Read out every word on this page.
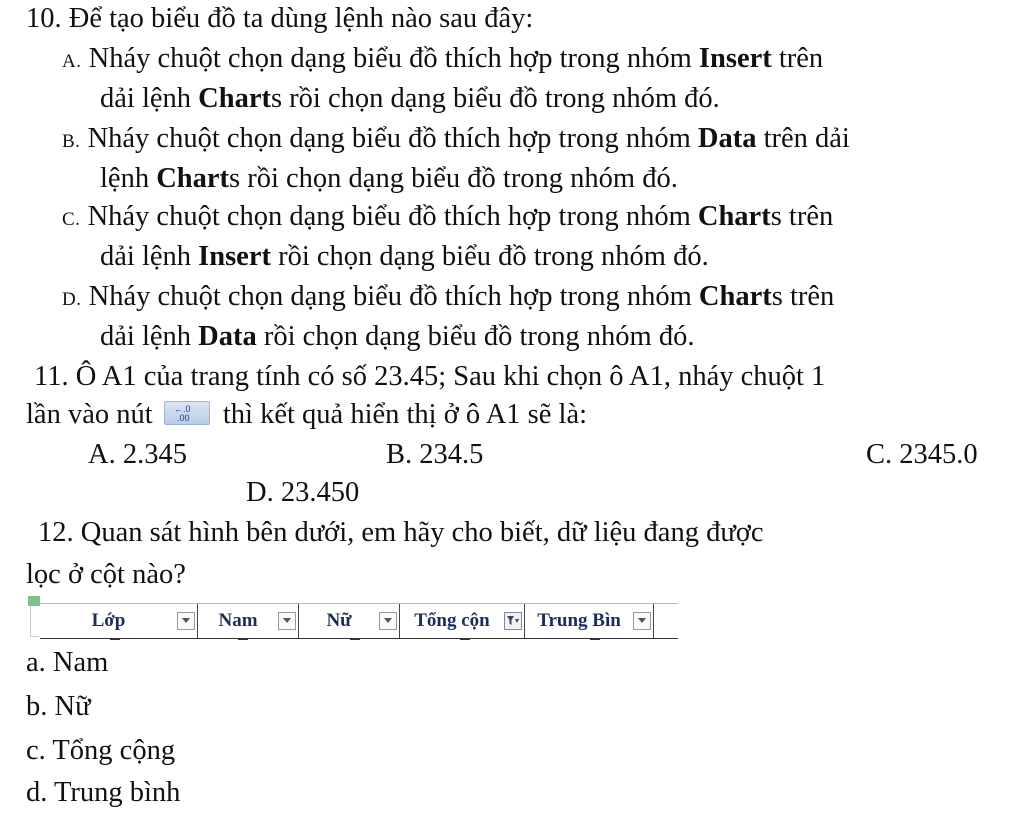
10. Để tạo biểu đồ ta dùng lệnh nào sau đây:
A. Nháy chuột chọn dạng biểu đồ thích hợp trong nhóm Insert trên
dải lệnh Charts rồi chọn dạng biểu đồ trong nhóm đó.
B. Nháy chuột chọn dạng biểu đồ thích hợp trong nhóm Data trên dải
lệnh Charts rồi chọn dạng biểu đồ trong nhóm đó.
C. Nháy chuột chọn dạng biểu đồ thích hợp trong nhóm Charts trên
dải lệnh Insert rồi chọn dạng biểu đồ trong nhóm đó.
D. Nháy chuột chọn dạng biểu đồ thích hợp trong nhóm Charts trên
dải lệnh Data rồi chọn dạng biểu đồ trong nhóm đó.
11. Ô A1 của trang tính có số 23.45; Sau khi chọn ô A1, nháy chuột 1
lần vào nút ←.0
.00 thì kết quả hiển thị ở ô A1 sẽ là:
A. 2.345	B. 234.5	C. 2345.0
D. 23.450
12. Quan sát hình bên dưới, em hãy cho biết, dữ liệu đang được
lọc ở cột nào?
Lớp	Nam	Nữ	Tổng cộn	Trung Bìn
a. Nam
b. Nữ
c. Tổng cộng
d. Trung bình
